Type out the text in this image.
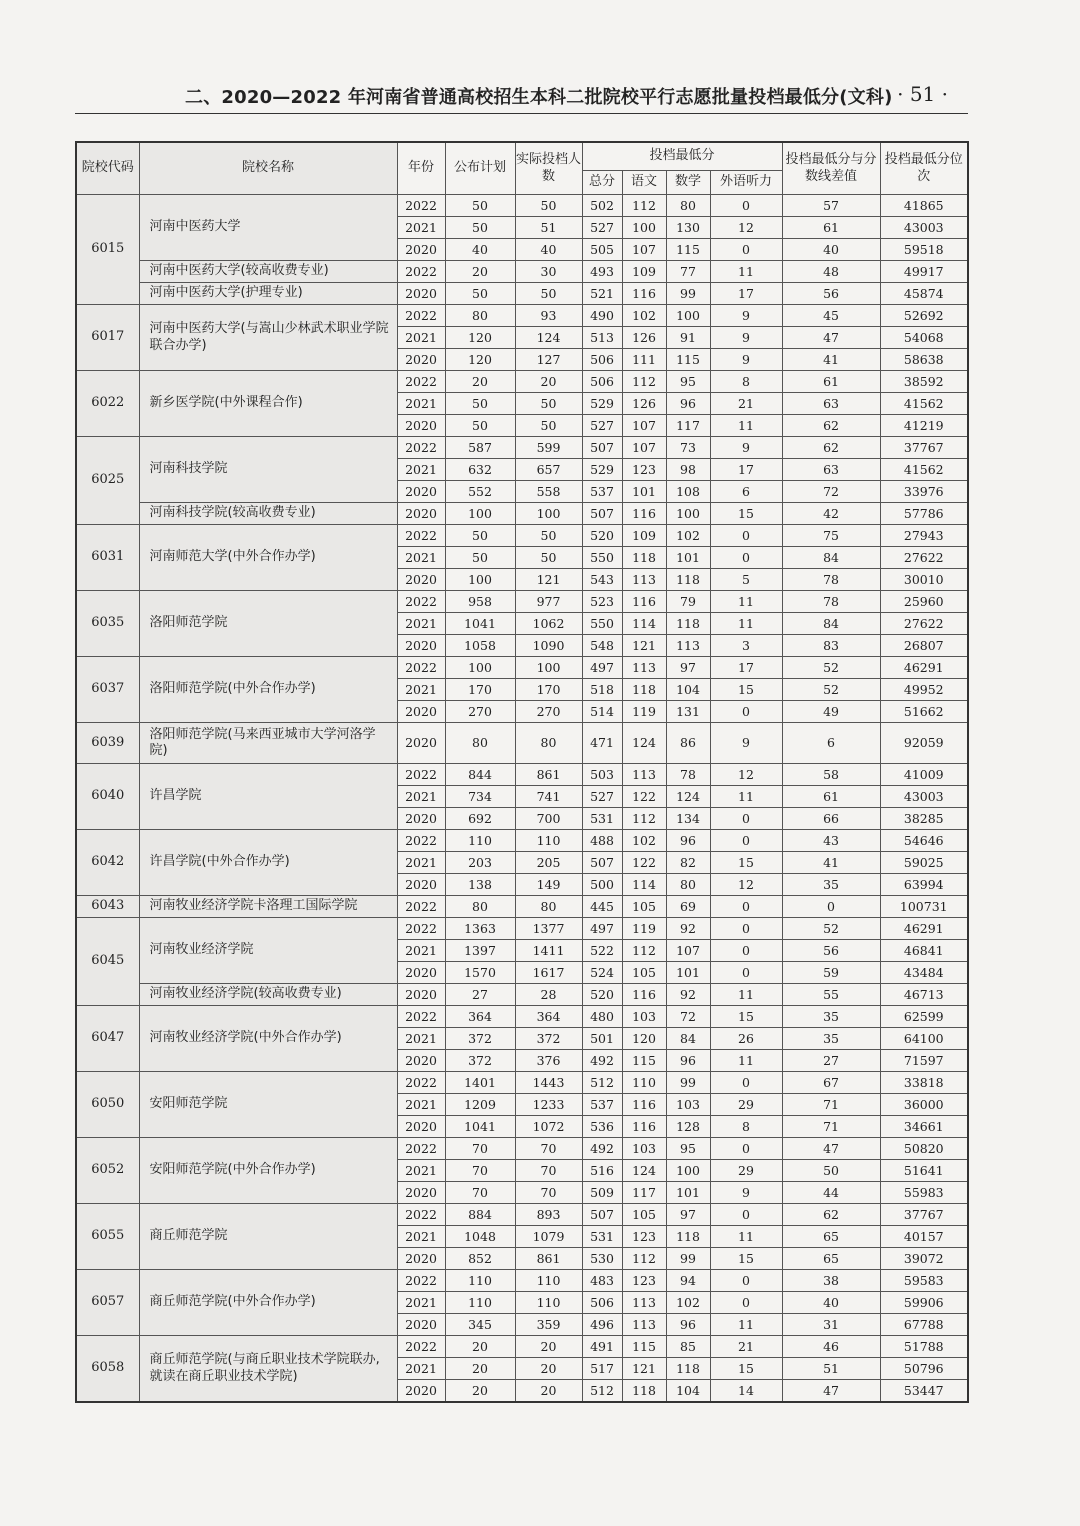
二、2020—2022 年河南省普通高校招生本科二批院校平行志愿批量投档最低分(文科) · 51 ·
院校代码	院校名称	年份	公布计划	实际投档人数	投档最低分				投档最低分与分数线差值	投档最低分位次
					总分	语文	数学	外语听力		
6015	河南中医药大学	2022	50	50	502	112	80	0	57	41865
		2021	50	51	527	100	130	12	61	43003
		2020	40	40	505	107	115	0	40	59518
	河南中医药大学(较高收费专业)	2022	20	30	493	109	77	11	48	49917
	河南中医药大学(护理专业)	2020	50	50	521	116	99	17	56	45874
6017	河南中医药大学(与嵩山少林武术职业学院联合办学)	2022	80	93	490	102	100	9	45	52692
		2021	120	124	513	126	91	9	47	54068
		2020	120	127	506	111	115	9	41	58638
6022	新乡医学院(中外课程合作)	2022	20	20	506	112	95	8	61	38592
		2021	50	50	529	126	96	21	63	41562
		2020	50	50	527	107	117	11	62	41219
6025	河南科技学院	2022	587	599	507	107	73	9	62	37767
		2021	632	657	529	123	98	17	63	41562
		2020	552	558	537	101	108	6	72	33976
	河南科技学院(较高收费专业)	2020	100	100	507	116	100	15	42	57786
6031	河南师范大学(中外合作办学)	2022	50	50	520	109	102	0	75	27943
		2021	50	50	550	118	101	0	84	27622
		2020	100	121	543	113	118	5	78	30010
6035	洛阳师范学院	2022	958	977	523	116	79	11	78	25960
		2021	1041	1062	550	114	118	11	84	27622
		2020	1058	1090	548	121	113	3	83	26807
6037	洛阳师范学院(中外合作办学)	2022	100	100	497	113	97	17	52	46291
		2021	170	170	518	118	104	15	52	49952
		2020	270	270	514	119	131	0	49	51662
6039	洛阳师范学院(马来西亚城市大学河洛学院)	2020	80	80	471	124	86	9	6	92059
6040	许昌学院	2022	844	861	503	113	78	12	58	41009
		2021	734	741	527	122	124	11	61	43003
		2020	692	700	531	112	134	0	66	38285
6042	许昌学院(中外合作办学)	2022	110	110	488	102	96	0	43	54646
		2021	203	205	507	122	82	15	41	59025
		2020	138	149	500	114	80	12	35	63994
6043	河南牧业经济学院卡洛理工国际学院	2022	80	80	445	105	69	0	0	100731
6045	河南牧业经济学院	2022	1363	1377	497	119	92	0	52	46291
		2021	1397	1411	522	112	107	0	56	46841
		2020	1570	1617	524	105	101	0	59	43484
	河南牧业经济学院(较高收费专业)	2020	27	28	520	116	92	11	55	46713
6047	河南牧业经济学院(中外合作办学)	2022	364	364	480	103	72	15	35	62599
		2021	372	372	501	120	84	26	35	64100
		2020	372	376	492	115	96	11	27	71597
6050	安阳师范学院	2022	1401	1443	512	110	99	0	67	33818
		2021	1209	1233	537	116	103	29	71	36000
		2020	1041	1072	536	116	128	8	71	34661
6052	安阳师范学院(中外合作办学)	2022	70	70	492	103	95	0	47	50820
		2021	70	70	516	124	100	29	50	51641
		2020	70	70	509	117	101	9	44	55983
6055	商丘师范学院	2022	884	893	507	105	97	0	62	37767
		2021	1048	1079	531	123	118	11	65	40157
		2020	852	861	530	112	99	15	65	39072
6057	商丘师范学院(中外合作办学)	2022	110	110	483	123	94	0	38	59583
		2021	110	110	506	113	102	0	40	59906
		2020	345	359	496	113	96	11	31	67788
6058	商丘师范学院(与商丘职业技术学院联办,就读在商丘职业技术学院)	2022	20	20	491	115	85	21	46	51788
		2021	20	20	517	121	118	15	51	50796
		2020	20	20	512	118	104	14	47	53447
